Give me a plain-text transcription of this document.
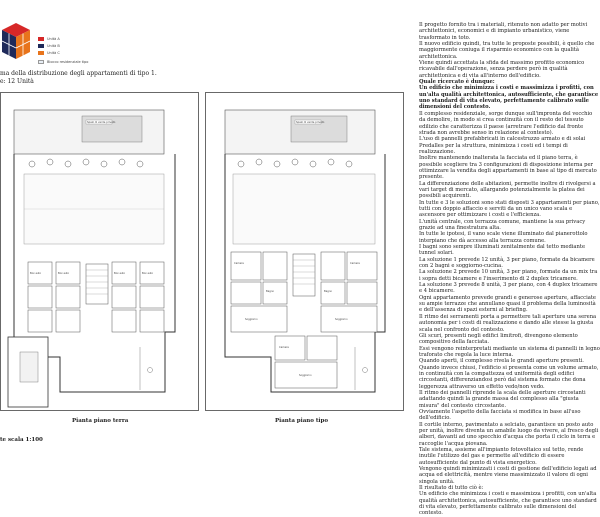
Unità A
Unità B
Unità C
Blocco residenziale tipo
ma della distribuzione degli appartamenti di tipo 1.
e: 12 Unità
Spazi di verde privato
Box auto	Box auto	Box auto	Box auto
Pianta piano terra
Spazi di verde privato
Camera
Bagno
Soggiorno
Camera
Bagno
Soggiorno
Camera
Soggiorno
Pianta piano tipo
te scala 1:100

Il progetto fornito tra i materiali, ritenuto non adatto per motivi architettonici, economici e di impianto urbanistico, viene trasformato in toto.

Il nuovo edificio quindi, tra tutte le proposte possibili, è quello che maggiormente coniuga il risparmio economico con la qualità architettonica.

Viene quindi accettata la sfida del massimo profitto economico ricavabile dall'operazione, senza perdere però in qualità architettonica e di vita all'interno dell'edificio.

Quale ricercato è dunque:

Un edificio che minimizza i costi e massimizza i profitti, con un'alta qualità architettonica, autosufficiente, che garantisce uno standard di vita elevato, perfettamente calibrato sulle dimensioni del contesto.

Il complesso residenziale, sorge dunque sull'impronta del vecchio da demolire, in modo si crea continuità con il resto del tessuto edilizio che caratterizza il paese (arretrare l'edificio dal fronte strada non avrebbe senso in relazione al contesto).

L'uso di pannelli prefabbricati in calcestruzzo armato e di solai Predalles per la struttura, minimizza i costi ed i tempi di realizzazione.

Inoltre mantenendo inalterata la facciata ed il piano terra, è possibile scegliere tra 3 configurazioni di disposizione interna per ottimizzare la vendita degli appartamenti in base al tipo di mercato presente.

La differenziazione delle abitazioni, permette inoltre di rivolgersi a vari target di mercato, allargando potenzialmente la platea dei possibili acquirenti.

In tutte e 3 le soluzioni sono stati disposti 3 appartamenti per piano, tutti con doppio affaccio e serviti da un unico vano scala e ascensore per ottimizzare i costi e l'efficienza.

L'unità centrale, con terrazza comune, mantiene la sua privacy grazie ad una finestratura alta.

In tutte le ipotesi, il vano scale viene illuminato dal pianerottolo interpiano che dà accesso alla terrazza comune.

I bagni sono sempre illuminati zenitalmente dal tetto mediante tunnel solari.

La soluzione 1 prevede 12 unità, 3 per piano, formate da bicamere con 2 bagni e soggiorno-cucina.

La soluzione 2 prevede 10 unità, 3 per piano, formate da un mix tra i sopra detti bicamere e l'inserimento di 2 duplex tricamere.

La soluzione 3 prevede 8 unità, 3 per piano, con 4 duplex tricamere e 4 bicamere.

Ogni appartamento prevede grandi e generose aperture, affacciate su ampie terrazze che annullano quasi il problema della luminosità e dell'assenza di spazi esterni al briefing.

Il ritmo dei serramenti porta a permettere tali aperture una serena autonomia per i costi di realizzazione e dando alle stesse la giusta scala nel confronto del contesto.

Gli scuri, presenti negli edifici limitrofi, divengono elemento compositivo della facciata.

Essi vengono reinterpretati mediante un sistema di pannelli in legno traforato che regola la luce interna.

Quando aperti, il complesso rivela le grandi aperture presenti.

Quando invece chiusi, l'edificio si presenta come un volume armato, in continuità con la compattezza ed uniformità degli edifici circostanti, differenziandosi però dal sistema formato che dona leggerezza attraverso un effetto vedo/non vedo.

Il ritmo dei pannelli riprende la scala delle aperture circostanti adattando quindi la grande massa del complesso alla "giusta misura" del contesto circostante.

Ovviamente l'aspetto della facciata si modifica in base all'uso dell'edificio.

Il cortile interno, pavimentato a selciato, garantisce un posto auto per unità, inoltre diventa un amabile luogo da vivere, al fresco degli alberi, davanti ad uno specchio d'acqua che porta il ciclo in terra e raccoglie l'acqua piovana.

Tale sistema, assieme all'impianto fotovoltaico sul tetto, rende inutile l'utilizzo del gas e permette all'edificio di essere autosufficiente dal punto di vista energetico.

Vengono quindi minimizzati i costi di gestione dell'edificio legati ad acqua ed elettricità, mentre viene massimizzato il valore di ogni singola unità.

Il risultato di tutto ciò è:

Un edificio che minimizza i costi e massimizza i profitti, con un'alta qualità architettonica, autosufficiente, che garantisce uno standard di vita elevato, perfettamente calibrato sulle dimensioni del contesto.
